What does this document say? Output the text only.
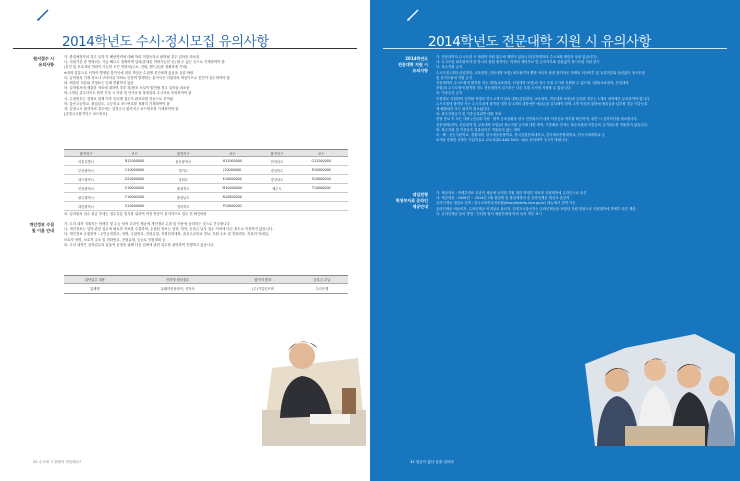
2014학년도 수시·정시모집 유의사항
원서접수 시
유의사항
가. 졸업예정자의 경우 입학 후 해당학력에 대해 학력 미취득자로 판명될 경우 입학을 취소함
나. 지원기간 중 연락처는 가급 빠르고 정확하게 입력(휴대폰 연락가능한 곳) 할 수 있는 곳으로 기재하여야 함
(본인 및 보호자의 연락이 가능한 모든 연락처(주소, 전화, 핸드폰)를 정확하게 기재)
※전화 불통으로 인하여 발생된 불이익에 대한 책임은 수험생 본인에게 있음을 유념 바람
다. 입학원서 기재 착오나 구비서류 미비로 인하여 발생하는 불이익은 지원자의 책임이므로 본인이 검수하여야 함
라. 제출한 서류와 전형료는 일체 반환하지 않음
마. 입학원서에 제출한 자료에 대하여 추후 허/변조 사실이 발견될 경우 입학을 취소함
바. 1개년 중수사이트 화면 거짓 시 약관 및 단속운을 복장업의 수시자료 작성하여야 함
사. 수험번호는 전형료 결제 이후 인터넷 접수가 완료되면 자동으로 부여됨
아. 출신고등학교, 졸업년도, 고등학교 코드번호를 정확히 기재하여야 함
자. 검정고시 합격자의 경우에는 검정고시 합격지구 코드번호를 기재하여야 함
[검정고시합격지구 코드번호]
합격지구	코드	합격지구	코드	합격지구	코드
서울특별시	B12000000	울산광역시	H12000000	전라남도	Q12000000
부산광역시	C10000000	경기도	J10000000	경상북도	R10000000
대구광역시	D10000000	강원도	K10000000	경상남도	S10000000
인천광역시	E10000000	충청북도	M10000000	제주도	T10000000
광주광역시	F10000000	충청남도	N10000000		
대전광역시	G10000000	전라북도	P10000000		
차. 입학원서 접수 취급 후에는 접수부분 법지를 위하여 적정 반증이 불가하므로 접수 전 확인바람
개인정보 수집
및 이용 안내
가. 우리 대학 지원자는 학생부 및 수능 성적 온라인 제공에 개인정보 수집 및 이용에 동의하는 것으로 간주합니다.
나. 개인정보는 입학 관련 업무에 필요한 자료를 수집하며, 수집된 정보는 입학, 학적, 등록금 납부 업무 이외에 다른 용도로 이용하지 않습니다.
다. 개인정보 수집항목 : 주민등록번호, 성명, 수험번호, 전형유형, 지원단과대학, 출신고교학교 정보, 지원 주소 및 전화번호, 지원자 이메일,
보호자 성명, 보호자 주소 및 전화번호, 전형유형, 등등로 인원계획 등
라. 우리 대학은 입학업무의 효율적 운영을 위해 다음 업체에 관련 업무를 위탁하여 진행하고 있습니다.
위탁업무 내용	인터넷 원서접수	합격자 발표	등록금 수납
업체명	유웨이어플라이, 진학사	(주)기업인포텍	우리은행
32 수시에 도전해야 세넘해요?
2014학년도 전문대학 지원 시 유의사항
2014학년도
전문대학 지원 시
유의사항
가. 전문대학의 수시모집 시 제대학 지원 횟수에 제한이 없습니다(일반대학의 수시 6회 제한과 상관 없습니다).
나. 수시모집 최초합격자 한 하나의 충원 합격자는 학생의 예비후보 및 등록여부와 상관없이 정시모집 지원 불가
다. 복수지원 금지
수시모집 (대학,산업대학, 교육대학, 전문대학 포함) 최초합격자 뿐만 아니라 충원 합격자도 학생의 의사여부 및 등록여부와 상관없이 정시모집
및 추가모집에 지원 금지
전문대학의 수시모집에 합격한 자는 대학(교육대학, 산업대학 포함)의 정시 모집 시기에 지원할 수 없으며, 대학(교육대학, 산업대학
포함)의 수시모집에 합격한 자도 전문대학의 실시하는 다른 모집 시기에 지원할 수 없습니다.
라. 이중등록 금지
모집별로 지원하여 입학할 학생의 경우 2개 이상의 대학(산업대학, 교육대학, 전문대학 포함)에 등록한 경우는 1개의 대학에만 등록하여야 합니다.
수시모집에 합격한 자는 수시모집에 합격한 대학 중 1개의 대학에만 예치금을 납부해야 하며, 2개 이상의 대학에 예치금을 납부할 경우 이중등록
에 해당되어 모든 합격이 취소됩니다.
마. 복수지원금지 및 이중등록위반 대한 조치
전형 종료 후 모든 대학 (산업대 지원 · 합격 등록상황을 한국 전산화시키 대학 이중등록 여부를 확인하며, 위반 시 입학허가를 취소합니다.
전문대학(대학, 산업대학 및 교육대학 포함)과 복수지원 금지에 대한 대학, 가중확보 간에는 복수지원과 이중등록 금지의무를 적용하지 않습니다.
바. 복수지원 및 이중등록 결과관리기 적용되지 않는 대학
육 · 해 · 공군사관학교, 경찰대학, 한국예술종합학교, 한국전통문화대학교, 한국체육종합대학교, 한국국제대학교 등
※기타 자세한 사항은 사업자유로 교무처(02-480-7001~4)로 문의하여 주시기 바랍니다.
대입전형
학생부자료 온라인
제공안내
가. 제공자료 : 학생부자료 온라인 제공에 동의한 지원 대한 학생부 자료를 지원대학에 온라인으로 송부
나. 제공대상 : 2008년 ~ 2014년 2월 졸업생 및 졸업예정자 중 온라인제공 대상교 출신자
온라인제공 대상교 검색 : 한국교육학술정보원(http://stdinfo.nice.go.kr) 메뉴에서 검색 가능
온라인제공 비동의자, 온라인제공 비대상교 출신자, 검정고시출신자는 온라인제공을 포함한 지원 종합으로 지원대학에 학생부 사본 제출
다. 온라인제공 동의 방법 : 인터넷 원서 제출단계에 따라 동의 여부 표시
33 열심이 없다 꿈을 실어라
